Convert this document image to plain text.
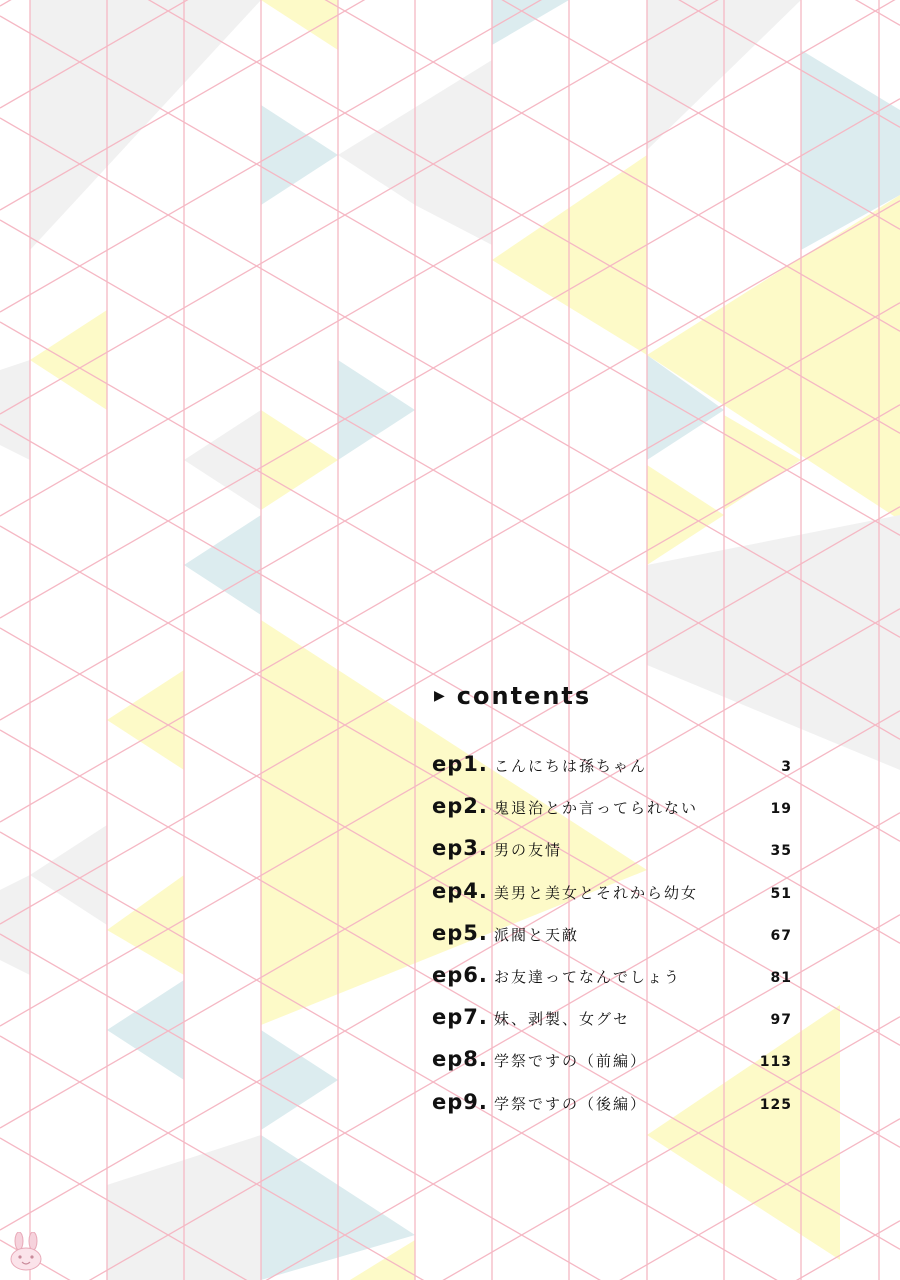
▶ contents
ep1. こんにちは孫ちゃん	3
ep2. 鬼退治とか言ってられない	19
ep3. 男の友情	35
ep4. 美男と美女とそれから幼女	51
ep5. 派閥と天敵	67
ep6. お友達ってなんでしょう	81
ep7. 妹、剥製、女グセ	97
ep8. 学祭ですの（前編）	113
ep9. 学祭ですの（後編）	125
